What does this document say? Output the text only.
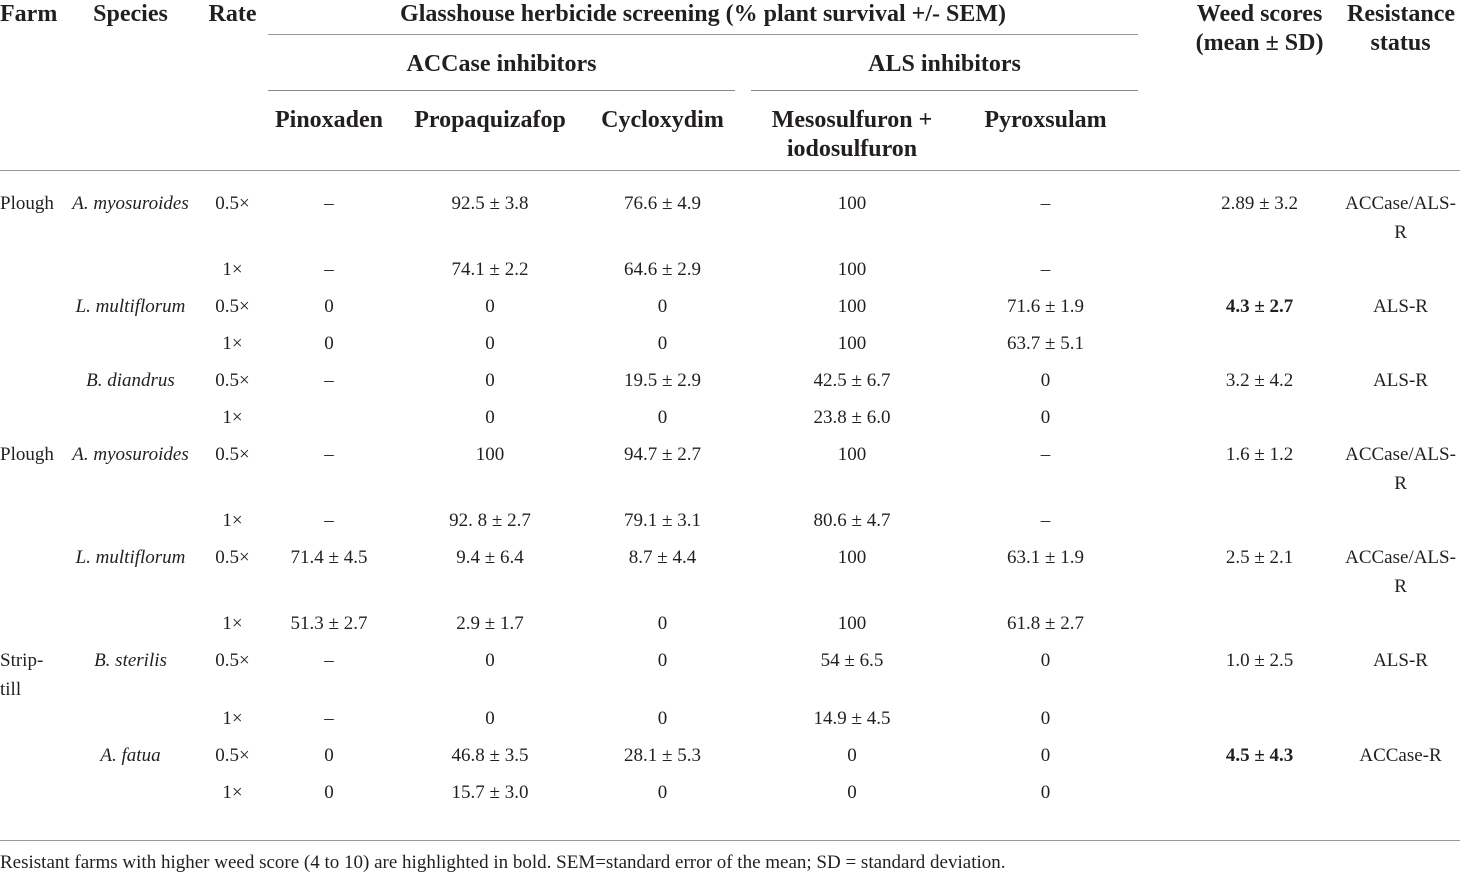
Farm	Species	Rate	Glasshouse herbicide screening (% plant survival +/- SEM)							Weed scores (mean ± SD)	Resistance status
			ACCase inhibitors				ALS inhibitors				
			Pinoxaden	Propaquizafop	Cycloxydim		Mesosulfuron + iodosulfuron	Pyroxsulam			

Plough	A. myosuroides	0.5×	–	92.5 ± 3.8	76.6 ± 4.9		100	–		2.89 ± 3.2	ACCase/ALS-R
		1×	–	74.1 ± 2.2	64.6 ± 2.9		100	–			
	L. multiflorum	0.5×	0	0	0		100	71.6 ± 1.9		4.3 ± 2.7	ALS-R
		1×	0	0	0		100	63.7 ± 5.1			
	B. diandrus	0.5×	–	0	19.5 ± 2.9		42.5 ± 6.7	0		3.2 ± 4.2	ALS-R
		1×		0	0		23.8 ± 6.0	0			
Plough	A. myosuroides	0.5×	–	100	94.7 ± 2.7		100	–		1.6 ± 1.2	ACCase/ALS-R
		1×	–	92. 8 ± 2.7	79.1 ± 3.1		80.6 ± 4.7	–			
	L. multiflorum	0.5×	71.4 ± 4.5	9.4 ± 6.4	8.7 ± 4.4		100	63.1 ± 1.9		2.5 ± 2.1	ACCase/ALS-R
		1×	51.3 ± 2.7	2.9 ± 1.7	0		100	61.8 ± 2.7			
Strip-till	B. sterilis	0.5×	–	0	0		54 ± 6.5	0		1.0 ± 2.5	ALS-R
		1×	–	0	0		14.9 ± 4.5	0			
	A. fatua	0.5×	0	46.8 ± 3.5	28.1 ± 5.3		0	0		4.5 ± 4.3	ACCase-R
		1×	0	15.7 ± 3.0	0		0	0			
Resistant farms with higher weed score (4 to 10) are highlighted in bold. SEM=standard error of the mean; SD = standard deviation.
